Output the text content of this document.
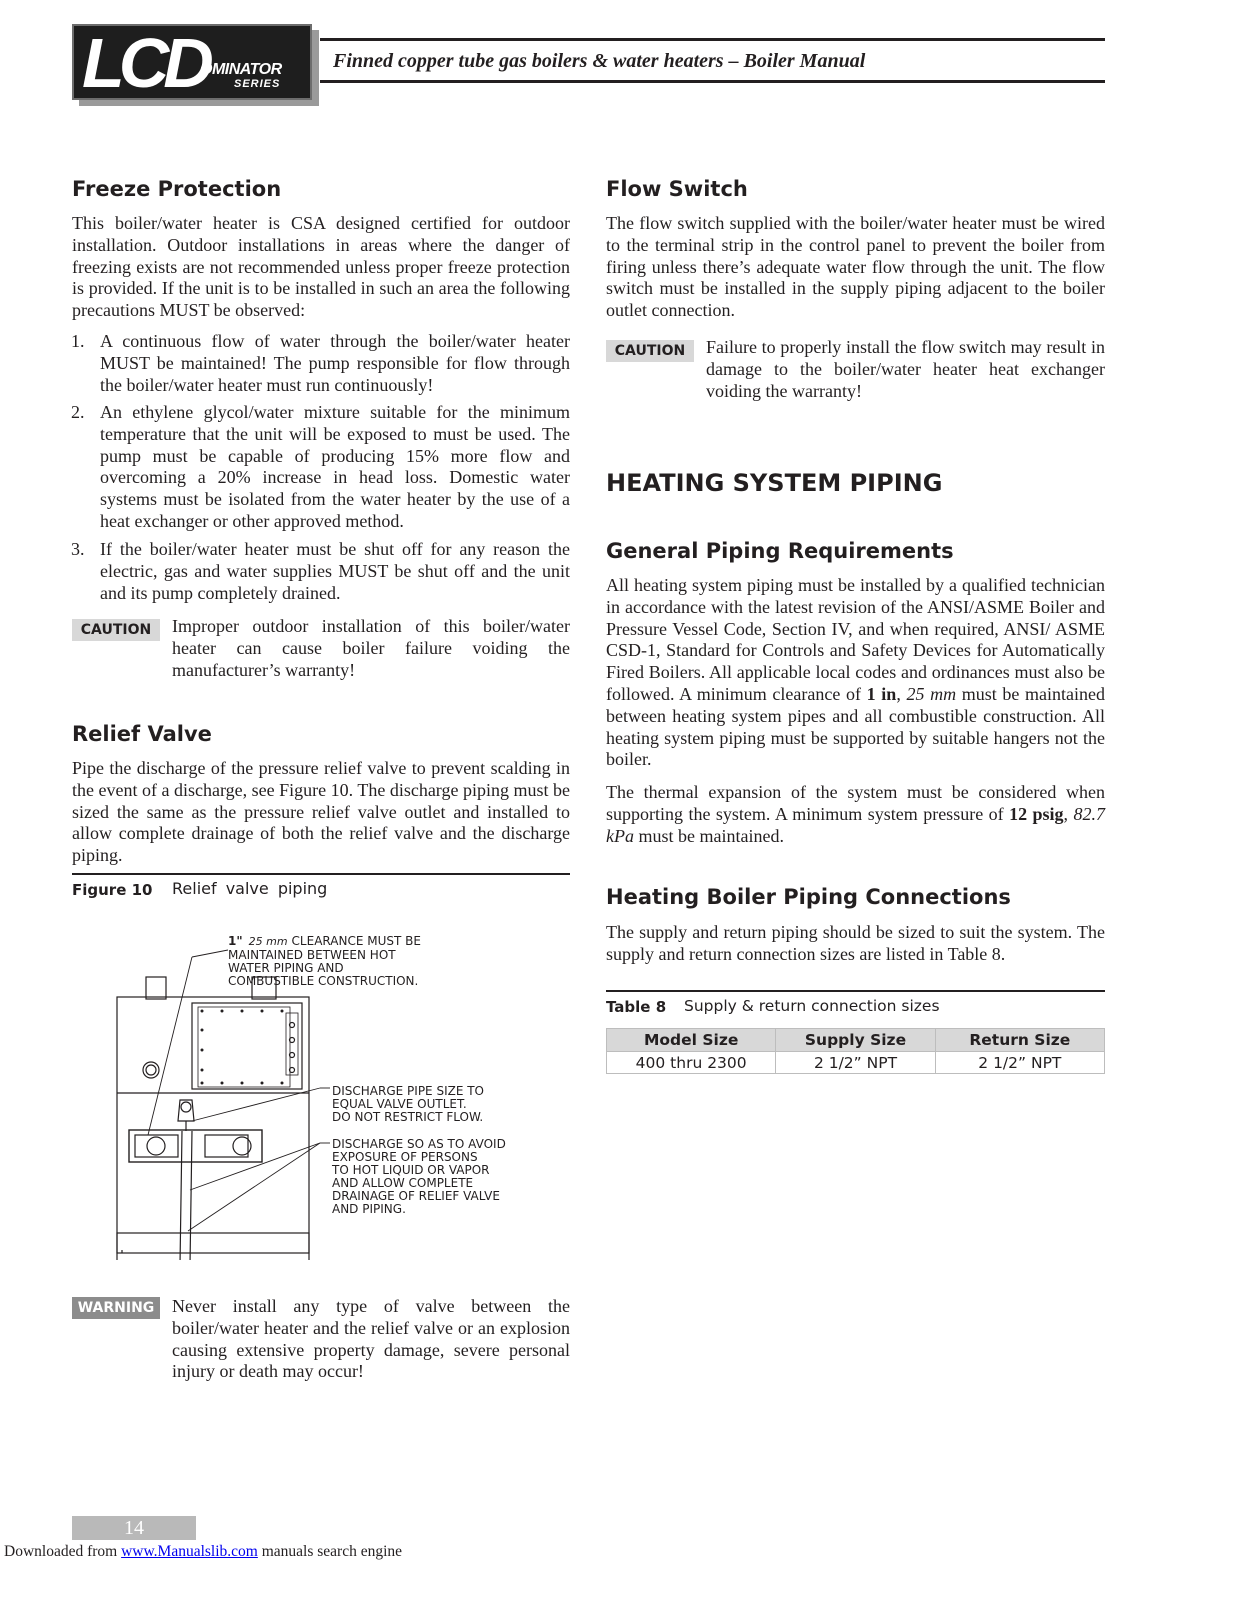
LCD
OMINATOR
SERIES
Finned copper tube gas boilers & water heaters – Boiler Manual
Freeze Protection
This boiler/water heater is CSA designed certified for outdoor installation. Outdoor installations in areas where the danger of freezing exists are not recommended unless proper freeze protection is provided. If the unit is to be installed in such an area the following precautions MUST be observed:
1. A continuous flow of water through the boiler/water heater MUST be maintained! The pump responsible for flow through the boiler/water heater must run continuously!
2. An ethylene glycol/water mixture suitable for the minimum temperature that the unit will be exposed to must be used. The pump must be capable of producing 15% more flow and overcoming a 20% increase in head loss. Domestic water systems must be isolated from the water heater by the use of a heat exchanger or other approved method.
3. If the boiler/water heater must be shut off for any reason the electric, gas and water supplies MUST be shut off and the unit and its pump completely drained.
CAUTION	Improper outdoor installation of this boiler/water heater can cause boiler failure voiding the manufacturer’s warranty!
Relief Valve
Pipe the discharge of the pressure relief valve to prevent scalding in the event of a discharge, see Figure 10. The discharge piping must be sized the same as the pressure relief valve outlet and installed to allow complete drainage of both the relief valve and the discharge piping.
Figure 10 Relief valve piping
1" 25 mm CLEARANCE MUST BE
MAINTAINED BETWEEN HOT
WATER PIPING AND
COMBUSTIBLE CONSTRUCTION.
DISCHARGE PIPE SIZE TO
EQUAL VALVE OUTLET.
DO NOT RESTRICT FLOW.
DISCHARGE SO AS TO AVOID
EXPOSURE OF PERSONS
TO HOT LIQUID OR VAPOR
AND ALLOW COMPLETE
DRAINAGE OF RELIEF VALVE
AND PIPING.
WARNING Never install any type of valve between the boiler/water heater and the relief valve or an explosion causing extensive property damage, severe personal injury or death may occur!
Flow Switch
The flow switch supplied with the boiler/water heater must be wired to the terminal strip in the control panel to prevent the boiler from firing unless there’s adequate water flow through the unit. The flow switch must be installed in the supply piping adjacent to the boiler outlet connection.
CAUTION	Failure to properly install the flow switch may result in damage to the boiler/water heater heat exchanger voiding the warranty!
HEATING SYSTEM PIPING
General Piping Requirements
All heating system piping must be installed by a qualified technician in accordance with the latest revision of the ANSI/ASME Boiler and Pressure Vessel Code, Section IV, and when required, ANSI/ ASME CSD-1, Standard for Controls and Safety Devices for Automatically Fired Boilers. All applicable local codes and ordinances must also be followed. A minimum clearance of 1 in, 25 mm must be maintained between heating system pipes and all combustible construction. All heating system piping must be supported by suitable hangers not the boiler.
The thermal expansion of the system must be considered when supporting the system. A minimum system pressure of 12 psig, 82.7 kPa must be maintained.
Heating Boiler Piping Connections
The supply and return piping should be sized to suit the system. The supply and return connection sizes are listed in Table 8.
Table 8 Supply & return connection sizes
Model Size	Supply Size	Return Size
400 thru 2300	2 1/2” NPT	2 1/2” NPT
14
Downloaded from www.Manualslib.com manuals search engine
